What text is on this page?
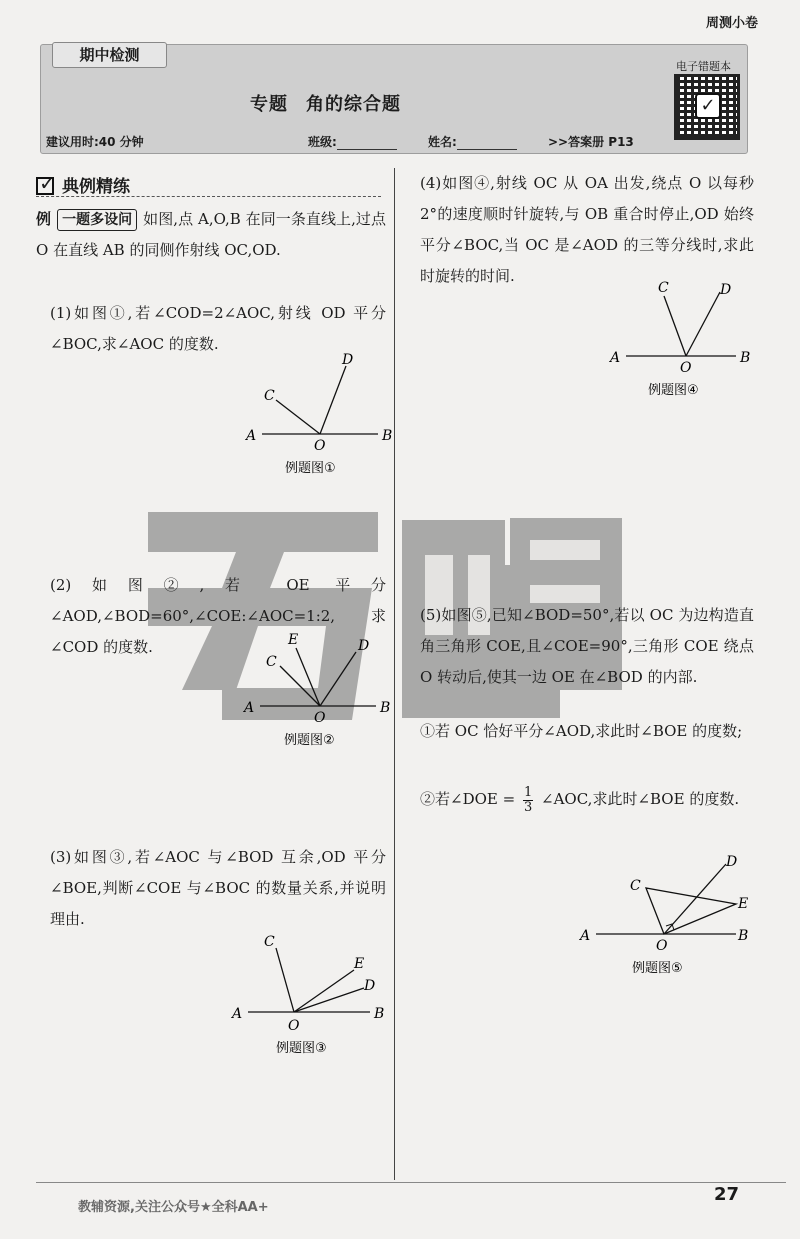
周测小卷
期中检测
专题 角的综合题
建议用时:40 分钟	班级:	姓名:	>>答案册 P13
电子错题本
✓
✓典例精练
例 一题多设问 如图,点 A,O,B 在同一条直线上,过点 O 在直线 AB 的同侧作射线 OC,OD.
(1)如图①,若∠COD=2∠AOC,射线 OD 平分∠BOC,求∠AOC 的度数.
(2)如图②,若 OE 平分∠AOD,∠BOD=60°,∠COE:∠AOC=1:2,求∠COD 的度数.
(3)如图③,若∠AOC 与∠BOD 互余,OD 平分∠BOE,判断∠COE 与∠BOC 的数量关系,并说明理由.
(4)如图④,射线 OC 从 OA 出发,绕点 O 以每秒 2°的速度顺时针旋转,与 OB 重合时停止,OD 始终平分∠BOC,当 OC 是∠AOD 的三等分线时,求此时旋转的时间.
(5)如图⑤,已知∠BOD=50°,若以 OC 为边构造直角三角形 COE,且∠COE=90°,三角形 COE 绕点 O 转动后,使其一边 OE 在∠BOD 的内部.
①若 OC 恰好平分∠AOD,求此时∠BOE 的度数;
②若∠DOE = $\frac{1}{3}$ ∠AOC,求此时∠BOE 的度数.
A
O
B
C
D
例题图①
A
O
B
C
E	D
例题图②
A
O
B
C
E
D
例题图③
A
O
B
C	D
例题图④
A
O
B
C
E
D
例题图⑤
教辅资源,关注公众号★全科AA+
27
